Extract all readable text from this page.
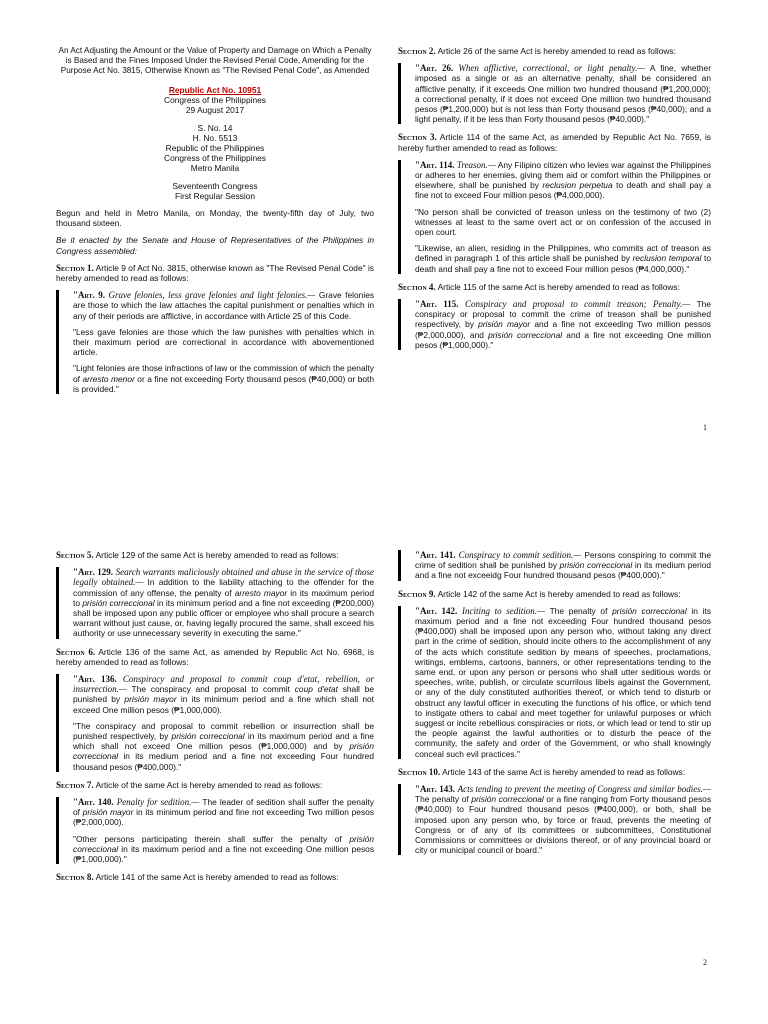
An Act Adjusting the Amount or the Value of Property and Damage on Which a Penalty is Based and the Fines Imposed Under the Revised Penal Code, Amending for the Purpose Act No. 3815, Otherwise Known as "The Revised Penal Code", as Amended

Republic Act No. 10951
Congress of the Philippines
29 August 2017
S. No. 14
H. No. 5513
Republic of the Philippines
Congress of the Philippines
Metro Manila
Seventeenth Congress
First Regular Session

Begun and held in Metro Manila, on Monday, the twenty-fifth day of July, two thousand sixteen.

Be it enacted by the Senate and House of Representatives of the Philippines in Congress assembled:

Section 1. Article 9 of Act No. 3815, otherwise known as "The Revised Penal Code" is hereby amended to read as follows:

"Art. 9. Grave felonies, less grave felonies and light felonies.— Grave felonies are those to which the law attaches the capital punishment or penalties which in any of their periods are afflictive, in accordance with Article 25 of this Code.

"Less gave felonies are those which the law punishes with penalties which in their maximum period are correctional in accordance with abovementioned article.

"Light felonies are those infractions of law or the commission of which the penalty of arresto menor or a fine not exceeding Forty thousand pesos (₱40,000) or both is provided."

Section 2. Article 26 of the same Act is hereby amended to read as follows:

"Art. 26. When afflictive, correctional, or light penalty.— A fine, whether imposed as a single or as an alternative penalty, shall be considered an afflictive penalty, if it exceeds One million two hundred thousand (₱1,200,000); a correctional penalty, if it does not exceed One million two hundred thousand pesos (₱1,200,000) but is not less than Forty thousand pesos (₱40,000); and a light penalty, if it be less than Forty thousand pesos (₱40,000)."

Section 3. Article 114 of the same Act, as amended by Republic Act No. 7659, is hereby further amended to read as follows:

"Art. 114. Treason.— Any Filipino citizen who levies war against the Philippines or adheres to her enemies, giving them aid or comfort within the Philippines or elsewhere, shall be punished by reclusion perpetua to death and shall pay a fine not to exceed Four million pesos (₱4,000,000).

"No person shall be convicted of treason unless on the testimony of two (2) witnesses at least to the same overt act or on confession of the accused in open court.

"Likewise, an alien, residing in the Philippines, who commits act of treason as defined in paragraph 1 of this article shall be punished by reclusion temporal to death and shall pay a fine not to exceed Four million pesos (₱4,000,000)."

Section 4. Article 115 of the same Act is hereby amended to read as follows:

"Art. 115. Conspiracy and proposal to commit treason; Penalty.— The conspiracy or proposal to commit the crime of treason shall be punished respectively, by prisión mayor and a fine not exceeding Two million pessos (₱2,000,000), and prisión correccional and a fire not exceeding One million pesos (₱1,000,000)."

1

Section 5. Article 129 of the same Act is hereby amended to read as follows:

"Art. 129. Search warrants maliciously obtained and abuse in the service of those legally obtained.— In addition to the liability attaching to the offender for the commission of any offense, the penalty of arresto mayor in its maximum period to prisión correccional in its minimum period and a fine not exceeding (₱200,000) shall be imposed upon any public officer or employee who shall procure a search warrant without just cause, or, having legally procured the same, shall exceed his authority or use unnecessary severity in executing the same."

Section 6. Article 136 of the same Act, as amended by Republic Act No. 6968, is hereby amended to read as follows:

"Art. 136. Conspiracy and proposal to commit coup d'etat, rebellion, or insurrection.— The conspiracy and proposal to commit coup d'etat shall be punished by prisión mayor in its minimum period and a fine which shall not exceed One million pesos (₱1,000,000).

"The conspiracy and proposal to commit rebellion or insurrection shall be punished respectively, by prisión correccional in its maximum period and a fine which shall not exceed One million pesos (₱1,000,000) and by prisión correccional in its medium period and a fine not exceeding Four hundred thousand pesos (₱400,000)."

Section 7. Article of the same Act is hereby amended to read as follows:

"Art. 140. Penalty for sedition.— The leader of sedition shall suffer the penalty of prisión mayor in its minimum period and fine not exceeding Two million pesos (₱2,000,000).

"Other persons participating therein shall suffer the penalty of prisión correccional in its maximum period and a fine not exceeding One million pesos (₱1,000,000)."

Section 8. Article 141 of the same Act is hereby amended to read as follows:

"Art. 141. Conspiracy to commit sedition.— Persons conspiring to commit the crime of sedition shall be punished by prisión correccional in its medium period and a fine not exceeidg Four hundred thousand pesos (₱400,000)."

Section 9. Article 142 of the same Act is hereby amended to read as follows:

"Art. 142. Inciting to sedition.— The penalty of prisión correccional in its maximum period and a fine not exceeding Four hundred thousand pesos (₱400,000) shall be imposed upon any person who, without taking any direct part in the crime of sedition, should incite others to the accomplishment of any of the acts which constitute sedition by means of speeches, proclamations, writings, emblems, cartoons, banners, or other representations tending to the same end, or upon any person or persons who shall utter seditious words or speeches, write, publish, or circulate scurrilous libels against the Government, or any of the duly constituted authorities thereof, or which tend to disturb or obstruct any lawful officer in executing the functions of his office, or which tend to instigate others to cabal and meet together for unlawful purposes or which suggest or incite rebellious conspiracies or riots, or which lead or tend to stir up the people against the lawful authorities or to disturb the peace of the community, the safety and order of the Government, or who shall knowingly conceal such evil practices."

Section 10. Article 143 of the same Act is hereby amended to read as follows:

"Art. 143. Acts tending to prevent the meeting of Congress and similar bodies.— The penalty of prisión correccional or a fine ranging from Forty thousand pesos (₱40,000) to Four hundred thousand pesos (₱400,000), or both, shall be imposed upon any person who, by force or fraud, prevents the meeting of Congress or of any of its committees or subcommittees, Constitutional Commissions or committees or divisions thereof, or of any provincial board or city or municipal council or board."

2
